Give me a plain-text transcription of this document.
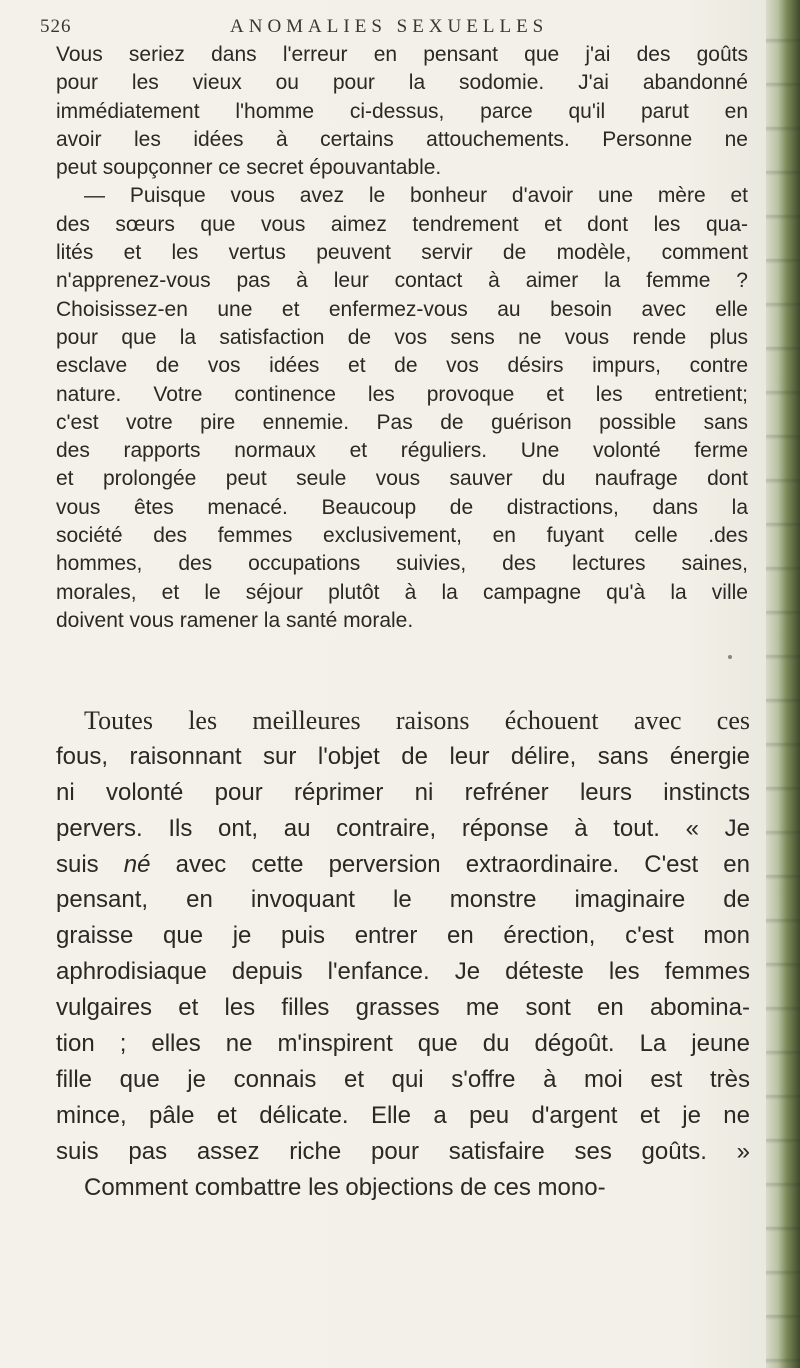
526	ANOMALIES SEXUELLES
Vous seriez dans l'erreur en pensant que j'ai des goûts
pour les vieux ou pour la sodomie. J'ai abandonné
immédiatement l'homme ci-dessus, parce qu'il parut en
avoir les idées à certains attouchements. Personne ne
peut soupçonner ce secret épouvantable.
— Puisque vous avez le bonheur d'avoir une mère et
des sœurs que vous aimez tendrement et dont les qua-
lités et les vertus peuvent servir de modèle, comment
n'apprenez-vous pas à leur contact à aimer la femme ?
Choisissez-en une et enfermez-vous au besoin avec elle
pour que la satisfaction de vos sens ne vous rende plus
esclave de vos idées et de vos désirs impurs, contre
nature. Votre continence les provoque et les entretient;
c'est votre pire ennemie. Pas de guérison possible sans
des rapports normaux et réguliers. Une volonté ferme
et prolongée peut seule vous sauver du naufrage dont
vous êtes menacé. Beaucoup de distractions, dans la
société des femmes exclusivement, en fuyant celle .des
hommes, des occupations suivies, des lectures saines,
morales, et le séjour plutôt à la campagne qu'à la ville
doivent vous ramener la santé morale.
Toutes les meilleures raisons échouent avec ces
fous, raisonnant sur l'objet de leur délire, sans énergie
ni volonté pour réprimer ni refréner leurs instincts
pervers. Ils ont, au contraire, réponse à tout. « Je
suis né avec cette perversion extraordinaire. C'est en
pensant, en invoquant le monstre imaginaire de
graisse que je puis entrer en érection, c'est mon
aphrodisiaque depuis l'enfance. Je déteste les femmes
vulgaires et les filles grasses me sont en abomina-
tion ; elles ne m'inspirent que du dégoût. La jeune
fille que je connais et qui s'offre à moi est très
mince, pâle et délicate. Elle a peu d'argent et je ne
suis pas assez riche pour satisfaire ses goûts. »
Comment combattre les objections de ces mono-
